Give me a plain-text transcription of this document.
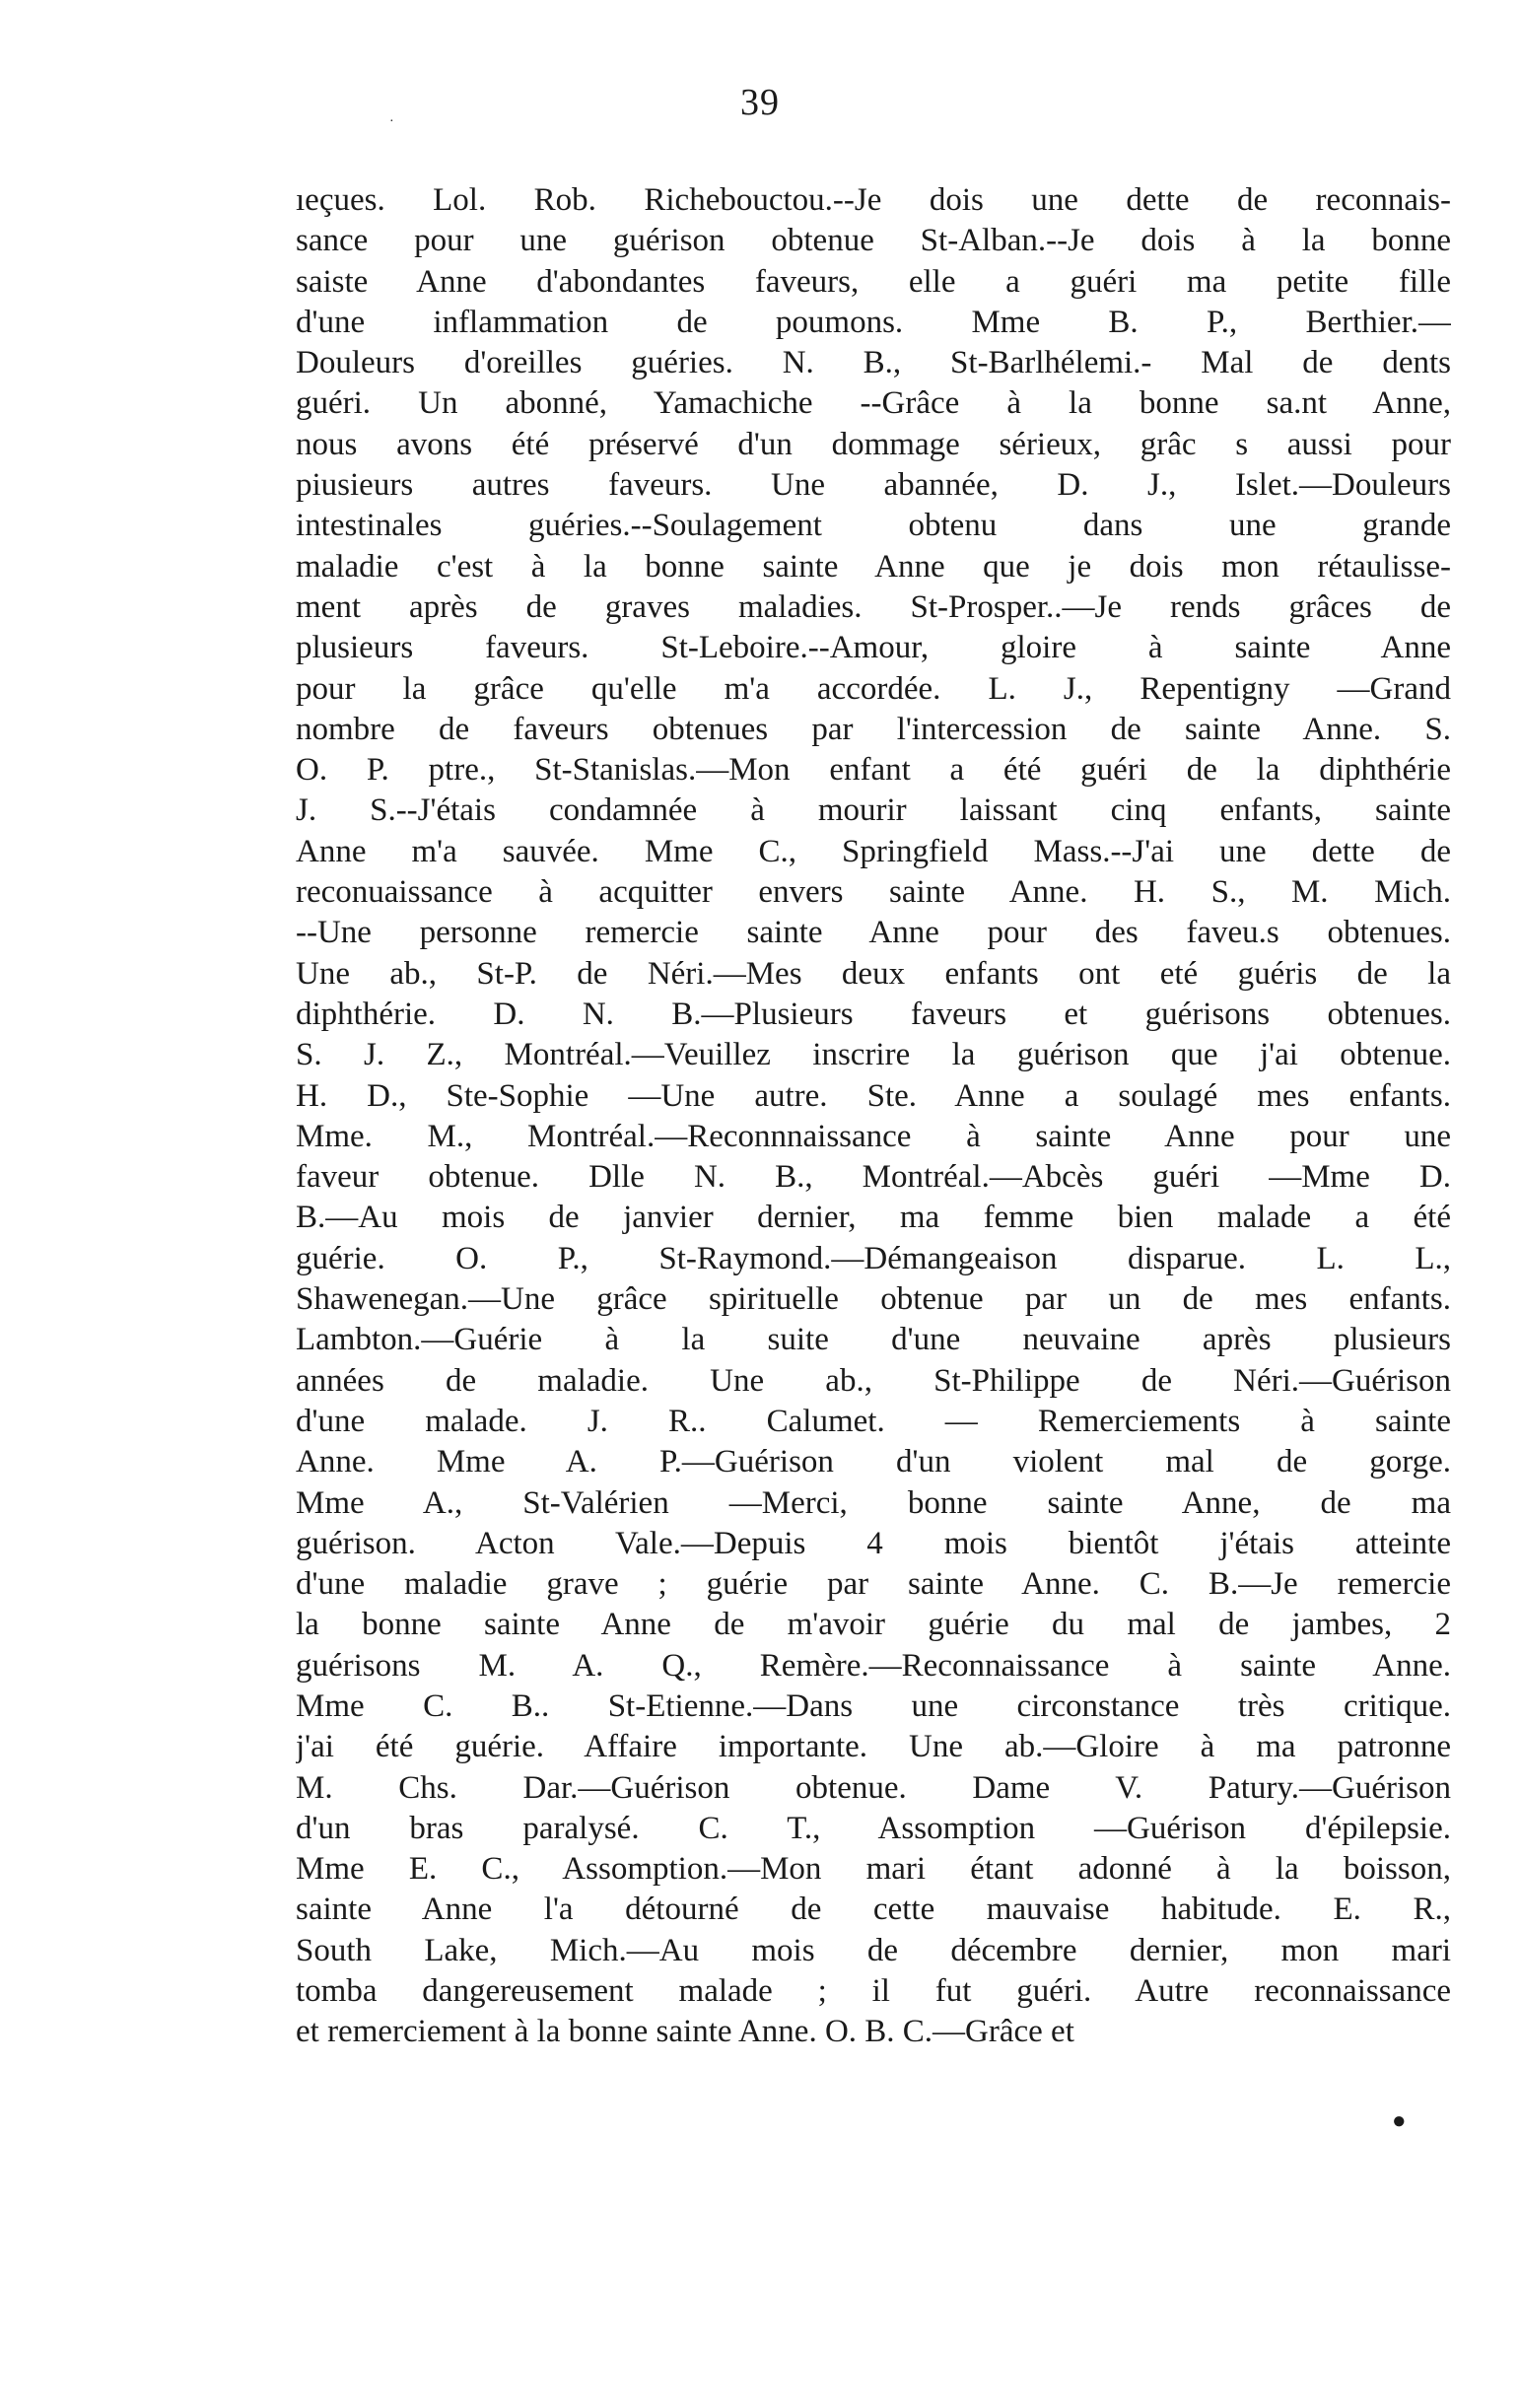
39
·
ıeçues. Lol. Rob. Richebouctou.--Je dois une dette de reconnais-
sance pour une guérison obtenue St-Alban.--Je dois à la bonne
saiste Anne d'abondantes faveurs, elle a guéri ma petite fille
d'une inflammation de poumons. Mme B. P., Berthier.—
Douleurs d'oreilles guéries. N. B., St-Barlhélemi.- Mal de dents
guéri. Un abonné, Yamachiche --Grâce à la bonne sa.nt Anne,
nous avons été préservé d'un dommage sérieux, grâc s aussi pour
piusieurs autres faveurs. Une abannée, D. J., Islet.—Douleurs
intestinales guéries.--Soulagement obtenu dans une grande
maladie c'est à la bonne sainte Anne que je dois mon rétaulisse-
ment après de graves maladies. St-Prosper..—Je rends grâces de
plusieurs faveurs. St-Leboire.--Amour, gloire à sainte Anne
pour la grâce qu'elle m'a accordée. L. J., Repentigny —Grand
nombre de faveurs obtenues par l'intercession de sainte Anne. S.
O. P. ptre., St-Stanislas.—Mon enfant a été guéri de la diphthérie
J. S.--J'étais condamnée à mourir laissant cinq enfants, sainte
Anne m'a sauvée. Mme C., Springfield Mass.--J'ai une dette de
reconuaissance à acquitter envers sainte Anne. H. S., M. Mich.
--Une personne remercie sainte Anne pour des faveu.s obtenues.
Une ab., St-P. de Néri.—Mes deux enfants ont eté guéris de la
diphthérie. D. N. B.—Plusieurs faveurs et guérisons obtenues.
S. J. Z., Montréal.—Veuillez inscrire la guérison que j'ai obtenue.
H. D., Ste-Sophie —Une autre. Ste. Anne a soulagé mes enfants.
Mme. M., Montréal.—Reconnnaissance à sainte Anne pour une
faveur obtenue. Dlle N. B., Montréal.—Abcès guéri —Mme D.
B.—Au mois de janvier dernier, ma femme bien malade a été
guérie. O. P., St-Raymond.—Démangeaison disparue. L. L.,
Shawenegan.—Une grâce spirituelle obtenue par un de mes enfants.
Lambton.—Guérie à la suite d'une neuvaine après plusieurs
années de maladie. Une ab., St-Philippe de Néri.—Guérison
d'une malade. J. R.. Calumet. — Remerciements à sainte
Anne. Mme A. P.—Guérison d'un violent mal de gorge.
Mme A., St-Valérien —Merci, bonne sainte Anne, de ma
guérison. Acton Vale.—Depuis 4 mois bientôt j'étais atteinte
d'une maladie grave ; guérie par sainte Anne. C. B.—Je remercie
la bonne sainte Anne de m'avoir guérie du mal de jambes, 2
guérisons M. A. Q., Remère.—Reconnaissance à sainte Anne.
Mme C. B.. St-Etienne.—Dans une circonstance très critique.
j'ai été guérie. Affaire importante. Une ab.—Gloire à ma patronne
M. Chs. Dar.—Guérison obtenue. Dame V. Patury.—Guérison
d'un bras paralysé. C. T., Assomption —Guérison d'épilepsie.
Mme E. C., Assomption.—Mon mari étant adonné à la boisson,
sainte Anne l'a détourné de cette mauvaise habitude. E. R.,
South Lake, Mich.—Au mois de décembre dernier, mon mari
tomba dangereusement malade ; il fut guéri. Autre reconnaissance
et remerciement à la bonne sainte Anne. O. B. C.—Grâce et
●
